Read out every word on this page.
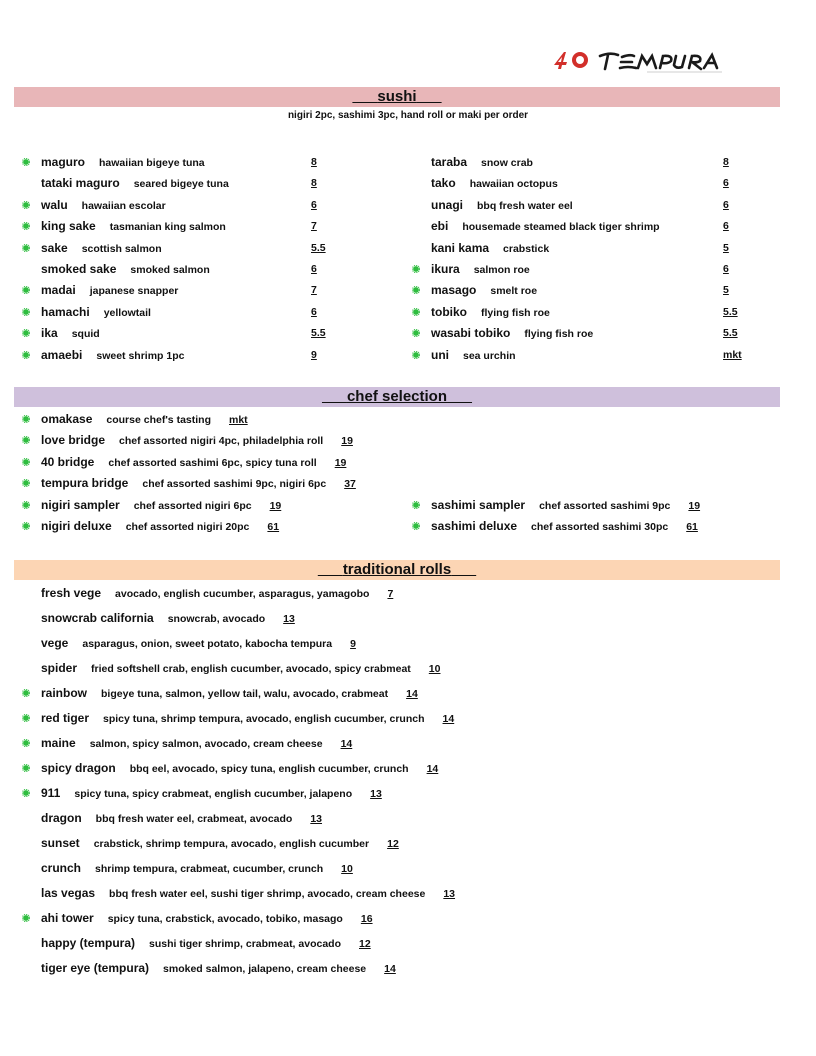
sushi
nigiri 2pc, sashimi 3pc, hand roll or maki per order
maguro hawaiian bigeye tuna	8
tataki maguro seared bigeye tuna	8
walu hawaiian escolar	6
king sake tasmanian king salmon	7
sake scottish salmon	5.5
smoked sake smoked salmon	6
madai japanese snapper	7
hamachi yellowtail	6
ika squid	5.5
amaebi sweet shrimp 1pc	9
taraba snow crab	8
tako hawaiian octopus	6
unagi bbq fresh water eel	6
ebi housemade steamed black tiger shrimp	6
kani kama crabstick	5
ikura salmon roe	6
masago smelt roe	5
tobiko flying fish roe	5.5
wasabi tobiko flying fish roe	5.5
uni sea urchin	mkt
chef selection
omakase course chef's tasting mkt
love bridge chef assorted nigiri 4pc, philadelphia roll 19
40 bridge chef assorted sashimi 6pc, spicy tuna roll 19
tempura bridge chef assorted sashimi 9pc, nigiri 6pc 37
nigiri sampler chef assorted nigiri 6pc 19
nigiri deluxe chef assorted nigiri 20pc 61
sashimi sampler chef assorted sashimi 9pc 19
sashimi deluxe chef assorted sashimi 30pc 61
traditional rolls
fresh vege avocado, english cucumber, asparagus, yamagobo 7
snowcrab california snowcrab, avocado 13
vege asparagus, onion, sweet potato, kabocha tempura 9
spider fried softshell crab, english cucumber, avocado, spicy crabmeat 10
rainbow bigeye tuna, salmon, yellow tail, walu, avocado, crabmeat 14
red tiger spicy tuna, shrimp tempura, avocado, english cucumber, crunch 14
maine salmon, spicy salmon, avocado, cream cheese 14
spicy dragon bbq eel, avocado, spicy tuna, english cucumber, crunch 14
911 spicy tuna, spicy crabmeat, english cucumber, jalapeno 13
dragon bbq fresh water eel, crabmeat, avocado 13
sunset crabstick, shrimp tempura, avocado, english cucumber 12
crunch shrimp tempura, crabmeat, cucumber, crunch 10
las vegas bbq fresh water eel, sushi tiger shrimp, avocado, cream cheese 13
ahi tower spicy tuna, crabstick, avocado, tobiko, masago 16
happy (tempura) sushi tiger shrimp, crabmeat, avocado 12
tiger eye (tempura) smoked salmon, jalapeno, cream cheese 14
